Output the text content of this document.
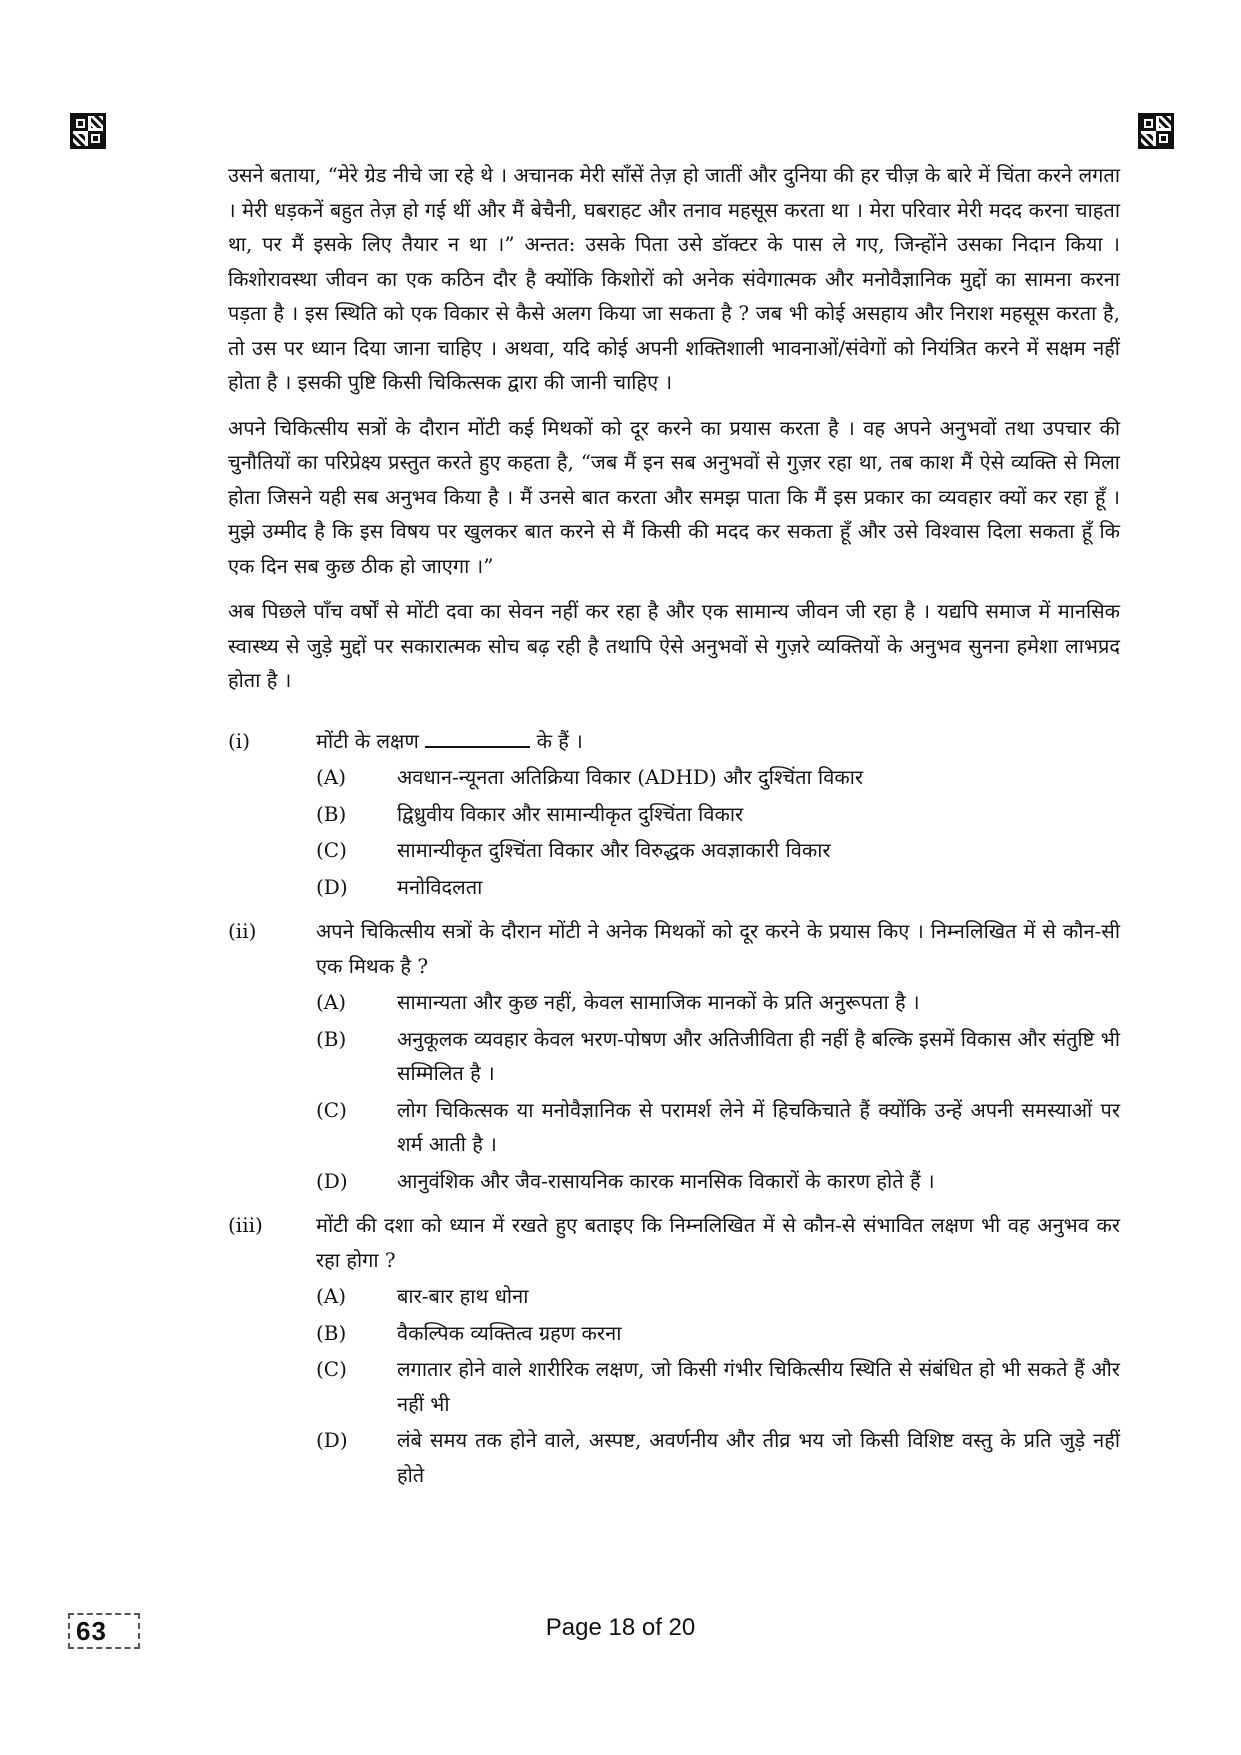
उसने बताया, “मेरे ग्रेड नीचे जा रहे थे । अचानक मेरी साँसें तेज़ हो जातीं और दुनिया की हर चीज़ के बारे में चिंता करने लगता । मेरी धड़कनें बहुत तेज़ हो गई थीं और मैं बेचैनी, घबराहट और तनाव महसूस करता था । मेरा परिवार मेरी मदद करना चाहता था, पर मैं इसके लिए तैयार न था ।” अन्तत: उसके पिता उसे डॉक्टर के पास ले गए, जिन्होंने उसका निदान किया । किशोरावस्था जीवन का एक कठिन दौर है क्योंकि किशोरों को अनेक संवेगात्मक और मनोवैज्ञानिक मुद्दों का सामना करना पड़ता है । इस स्थिति को एक विकार से कैसे अलग किया जा सकता है ? जब भी कोई असहाय और निराश महसूस करता है, तो उस पर ध्यान दिया जाना चाहिए । अथवा, यदि कोई अपनी शक्तिशाली भावनाओं/संवेगों को नियंत्रित करने में सक्षम नहीं होता है । इसकी पुष्टि किसी चिकित्सक द्वारा की जानी चाहिए ।

अपने चिकित्सीय सत्रों के दौरान मोंटी कई मिथकों को दूर करने का प्रयास करता है । वह अपने अनुभवों तथा उपचार की चुनौतियों का परिप्रेक्ष्य प्रस्तुत करते हुए कहता है, “जब मैं इन सब अनुभवों से गुज़र रहा था, तब काश मैं ऐसे व्यक्ति से मिला होता जिसने यही सब अनुभव किया है । मैं उनसे बात करता और समझ पाता कि मैं इस प्रकार का व्यवहार क्यों कर रहा हूँ । मुझे उम्मीद है कि इस विषय पर खुलकर बात करने से मैं किसी की मदद कर सकता हूँ और उसे विश्वास दिला सकता हूँ कि एक दिन सब कुछ ठीक हो जाएगा ।”

अब पिछले पाँच वर्षों से मोंटी दवा का सेवन नहीं कर रहा है और एक सामान्य जीवन जी रहा है । यद्यपि समाज में मानसिक स्वास्थ्य से जुड़े मुद्दों पर सकारात्मक सोच बढ़ रही है तथापि ऐसे अनुभवों से गुज़रे व्यक्तियों के अनुभव सुनना हमेशा लाभप्रद होता है ।

(i)	मोंटी के लक्षण	के हैं ।
(A)	अवधान-न्यूनता अतिक्रिया विकार (ADHD) और दुश्चिंता विकार
(B)	द्विध्रुवीय विकार और सामान्यीकृत दुश्चिंता विकार
(C)	सामान्यीकृत दुश्चिंता विकार और विरुद्धक अवज्ञाकारी विकार
(D) मनोविदलता
(ii)	अपने चिकित्सीय सत्रों के दौरान मोंटी ने अनेक मिथकों को दूर करने के प्रयास किए । निम्नलिखित में से कौन-सी एक मिथक है ?
(A)	सामान्यता और कुछ नहीं, केवल सामाजिक मानकों के प्रति अनुरूपता है ।
(B)	अनुकूलक व्यवहार केवल भरण-पोषण और अतिजीविता ही नहीं है बल्कि इसमें विकास और संतुष्टि भी सम्मिलित है ।
(C)	लोग चिकित्सक या मनोवैज्ञानिक से परामर्श लेने में हिचकिचाते हैं क्योंकि उन्हें अपनी समस्याओं पर शर्म आती है ।
(D) आनुवंशिक और जैव-रासायनिक कारक मानसिक विकारों के कारण होते हैं ।
(iii)	मोंटी की दशा को ध्यान में रखते हुए बताइए कि निम्नलिखित में से कौन-से संभावित लक्षण भी वह अनुभव कर रहा होगा ?
(A)	बार-बार हाथ धोना
(B)	वैकल्पिक व्यक्तित्व ग्रहण करना
(C)	लगातार होने वाले शारीरिक लक्षण, जो किसी गंभीर चिकित्सीय स्थिति से संबंधित हो भी सकते हैं और नहीं भी
(D) लंबे समय तक होने वाले, अस्पष्ट, अवर्णनीय और तीव्र भय जो किसी विशिष्ट वस्तु के प्रति जुड़े नहीं होते
63	Page 18 of 20
